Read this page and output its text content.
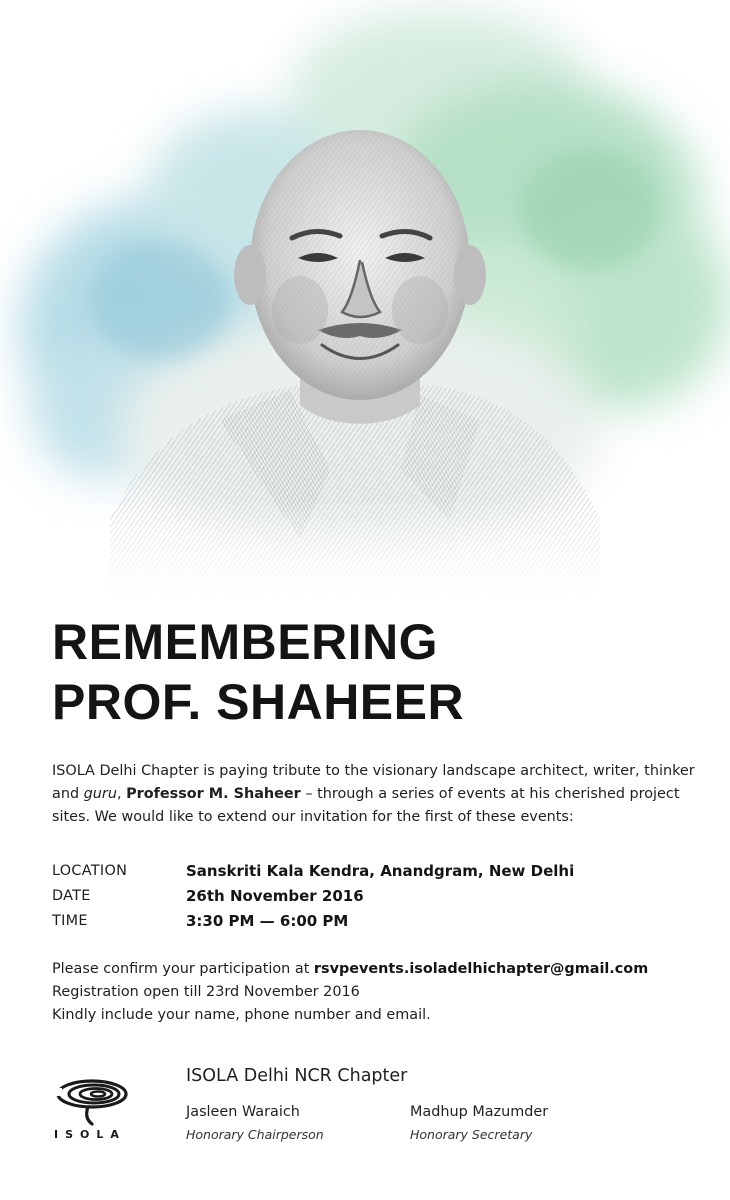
REMEMBERING
PROF. SHAHEER

ISOLA Delhi Chapter is paying tribute to the visionary landscape architect, writer, thinker and guru, Professor M. Shaheer – through a series of events at his cherished project sites. We would like to extend our invitation for the first of these events:

LOCATION	Sanskriti Kala Kendra, Anandgram, New Delhi
DATE	26th November 2016
TIME	3:30 PM — 6:00 PM
Please confirm your participation at rsvpevents.isoladelhichapter@gmail.com
Registration open till 23rd November 2016
Kindly include your name, phone number and email.
ISOLA
ISOLA Delhi NCR Chapter
Jasleen Waraich
Honorary Chairperson
Madhup Mazumder
Honorary Secretary
